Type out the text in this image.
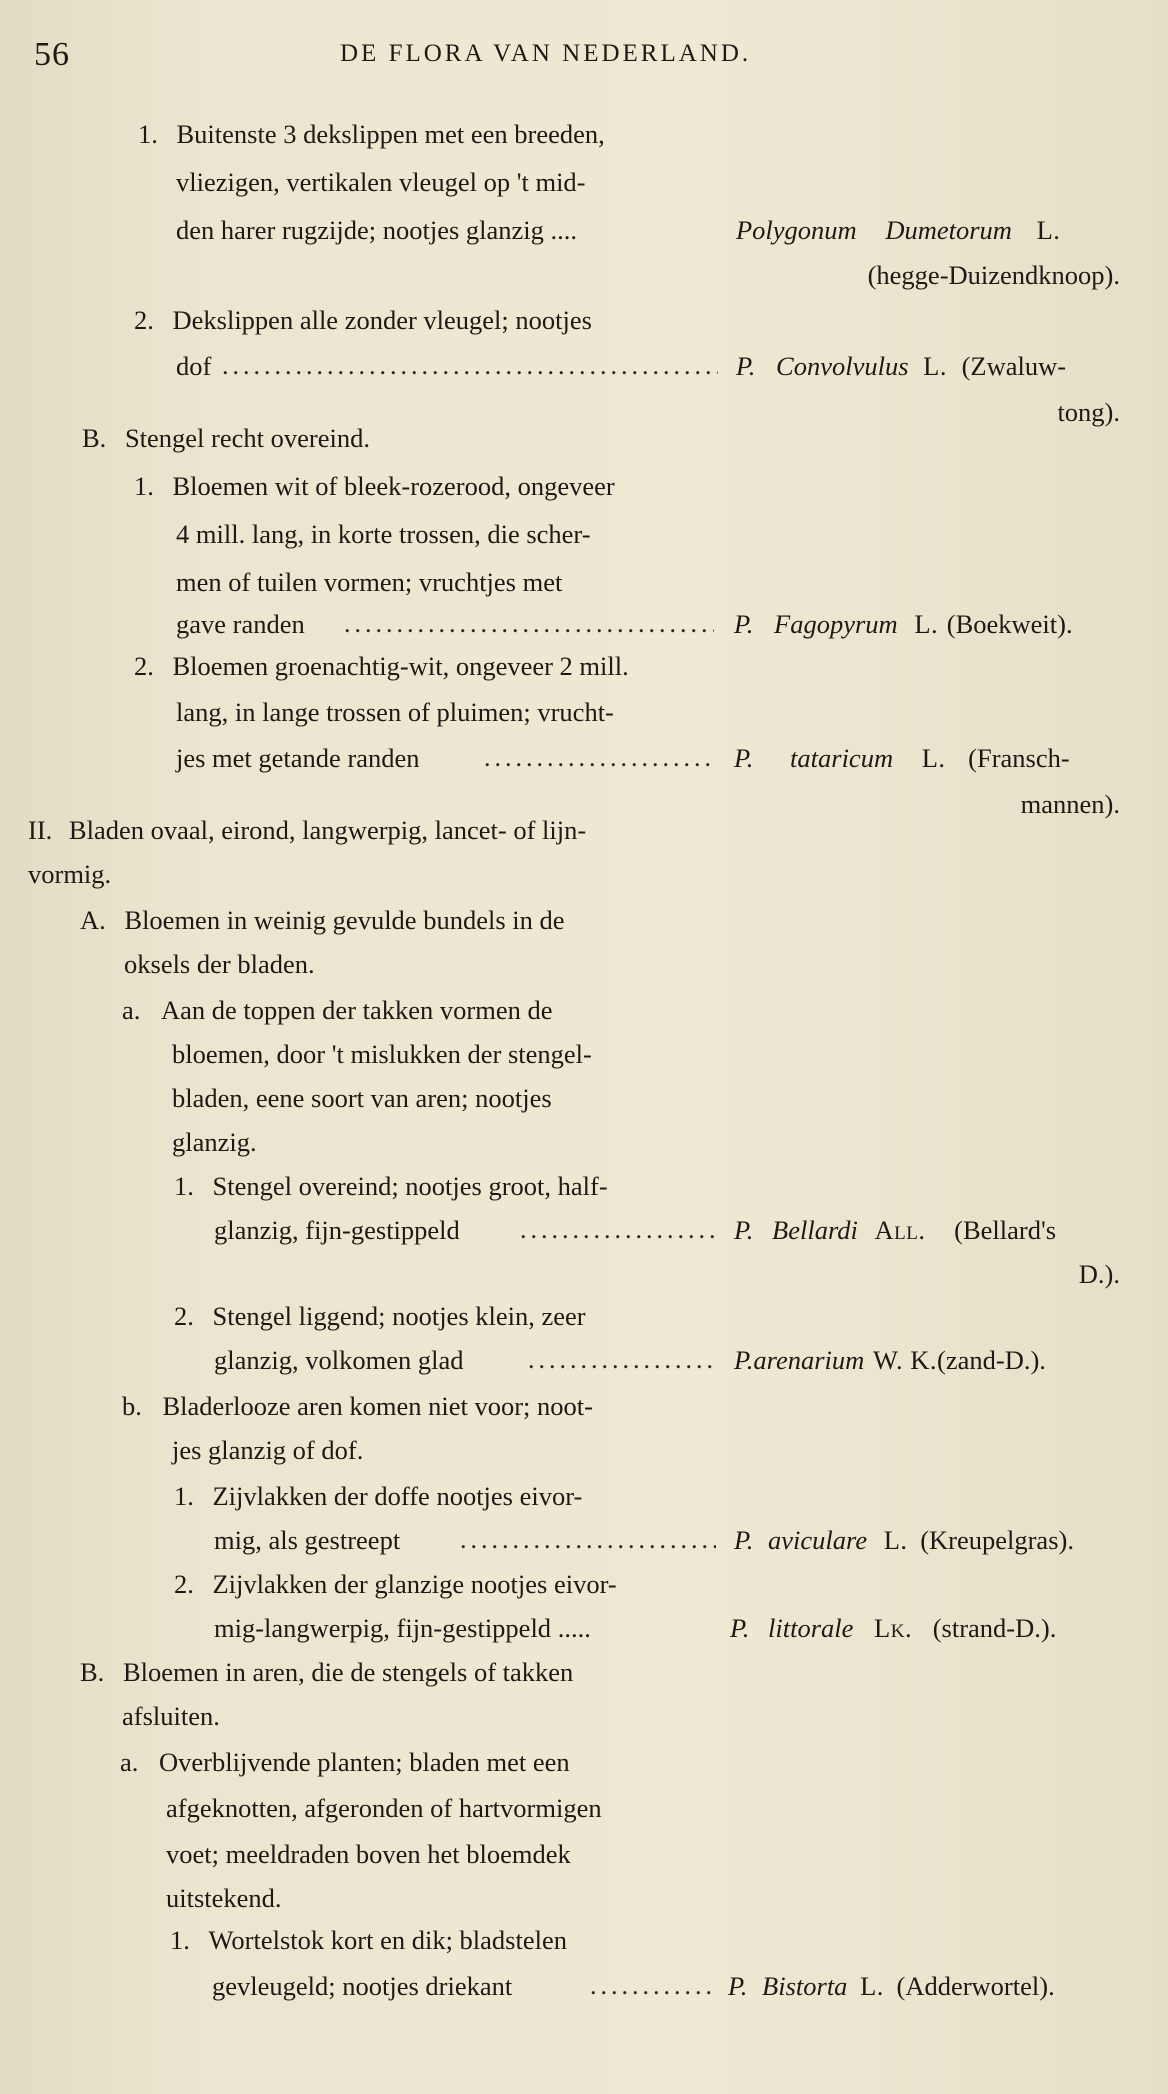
56	DE FLORA VAN NEDERLAND.
1. Buitenste 3 dekslippen met een breeden,
vliezigen, vertikalen vleugel op 't mid-
den harer rugzijde; nootjes glanzig ....	Polygonum Dumetorum L.
(hegge-Duizendknoop).
2. Dekslippen alle zonder vleugel; nootjes
dof .....	P. Convolvulus L. (Zwaluw-
tong).
B. Stengel recht overeind.
1. Bloemen wit of bleek-rozerood, ongeveer
4 mill. lang, in korte trossen, die scher-
men of tuilen vormen; vruchtjes met
gave randen .....	P. Fagopyrum L. (Boekweit).
2. Bloemen groenachtig-wit, ongeveer 2 mill.
lang, in lange trossen of pluimen; vrucht-
jes met getande randen .....	P. tataricum L. (Fransch-
mannen).
II. Bladen ovaal, eirond, langwerpig, lancet- of lijn-
vormig.
A. Bloemen in weinig gevulde bundels in de
oksels der bladen.
a. Aan de toppen der takken vormen de
bloemen, door 't mislukken der stengel-
bladen, eene soort van aren; nootjes
glanzig.
1. Stengel overeind; nootjes groot, half-
glanzig, fijn-gestippeld .....	P. Bellardi All. (Bellard's
D.).
2. Stengel liggend; nootjes klein, zeer
glanzig, volkomen glad .....	P.arenarium W. K.(zand-D.).
b. Bladerlooze aren komen niet voor; noot-
jes glanzig of dof.
1. Zijvlakken der doffe nootjes eivor-
mig, als gestreept .....	P. aviculare L. (Kreupelgras).
2. Zijvlakken der glanzige nootjes eivor-
mig-langwerpig, fijn-gestippeld .....	P. littorale Lk. (strand-D.).
B. Bloemen in aren, die de stengels of takken
afsluiten.
a. Overblijvende planten; bladen met een
afgeknotten, afgeronden of hartvormigen
voet; meeldraden boven het bloemdek
uitstekend.
1. Wortelstok kort en dik; bladstelen
gevleugeld; nootjes driekant .....	P. Bistorta L. (Adderwortel).
